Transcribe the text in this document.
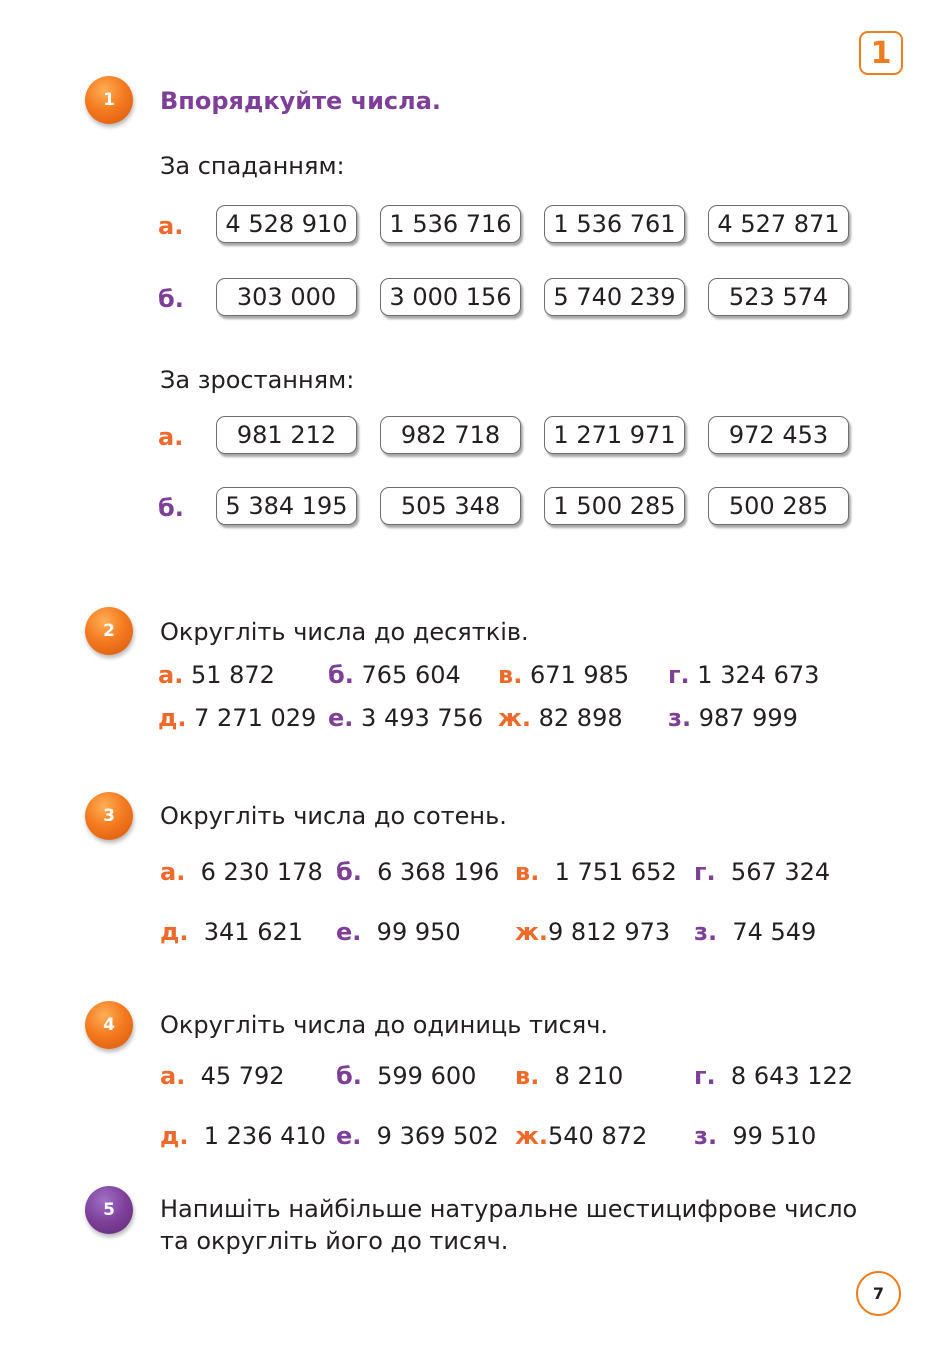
1
1	Впорядкуйте числа.
За спаданням:
а.	4 528 910	1 536 716	1 536 761	4 527 871
б.	303 000	3 000 156	5 740 239	523 574
За зростанням:
а.	981 212	982 718	1 271 971	972 453
б.	5 384 195	505 348	1 500 285	500 285
2	Округліть числа до десятків.
а. 51 872 б. 765 604 в. 671 985 г. 1 324 673
д. 7 271 029 е. 3 493 756 ж. 82 898 з. 987 999
3	Округліть числа до сотень.
а. 6 230 178 б. 6 368 196 в. 1 751 652 г. 567 324
д. 341 621 е. 99 950 ж.9 812 973 з. 74 549
4	Округліть числа до одиниць тисяч.
а. 45 792 б. 599 600 в. 8 210	г. 8 643 122
д. 1 236 410 е. 9 369 502 ж.540 872 з. 99 510
5	Напишіть найбільше натуральне шестицифрове число
та округліть його до тисяч.
7
